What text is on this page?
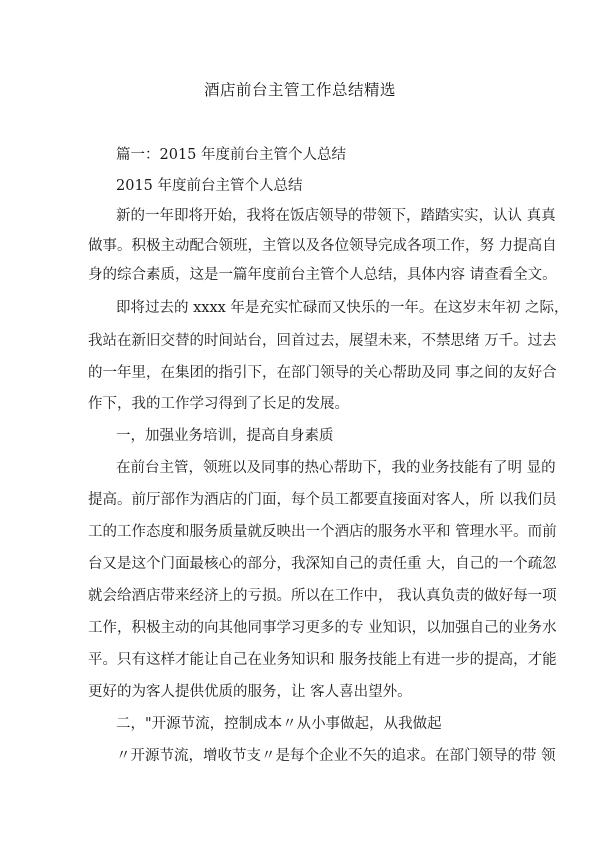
酒店前台主管工作总结精选
篇一：2015 年度前台主管个人总结
2015 年度前台主管个人总结
新的一年即将开始，我将在饭店领导的带领下，踏踏实实，认认 真真
做事。积极主动配合领班，主管以及各位领导完成各项工作，努 力提高自
身的综合素质，这是一篇年度前台主管个人总结，具体内容 请查看全文。
即将过去的 xxxx 年是充实忙碌而又快乐的一年。在这岁末年初 之际，
我站在新旧交替的时间站台，回首过去，展望未来，不禁思绪 万千。过去
的一年里，在集团的指引下，在部门领导的关心帮助及同 事之间的友好合
作下，我的工作学习得到了长足的发展。
一，加强业务培训，提高自身素质
在前台主管，领班以及同事的热心帮助下，我的业务技能有了明 显的
提高。前厅部作为酒店的门面，每个员工都要直接面对客人，所 以我们员
工的工作态度和服务质量就反映出一个酒店的服务水平和 管理水平。而前
台又是这个门面最核心的部分，我深知自己的责任重 大，自己的一个疏忽
就会给酒店带来经济上的亏损。所以在工作中， 我认真负责的做好每一项
工作，积极主动的向其他同事学习更多的专 业知识，以加强自己的业务水
平。只有这样才能让自己在业务知识和 服务技能上有进一步的提高，才能
更好的为客人提供优质的服务，让 客人喜出望外。
二，"开源节流，控制成本〃从小事做起，从我做起
〃开源节流，增收节支〃是每个企业不矢的追求。在部门领导的带 领
